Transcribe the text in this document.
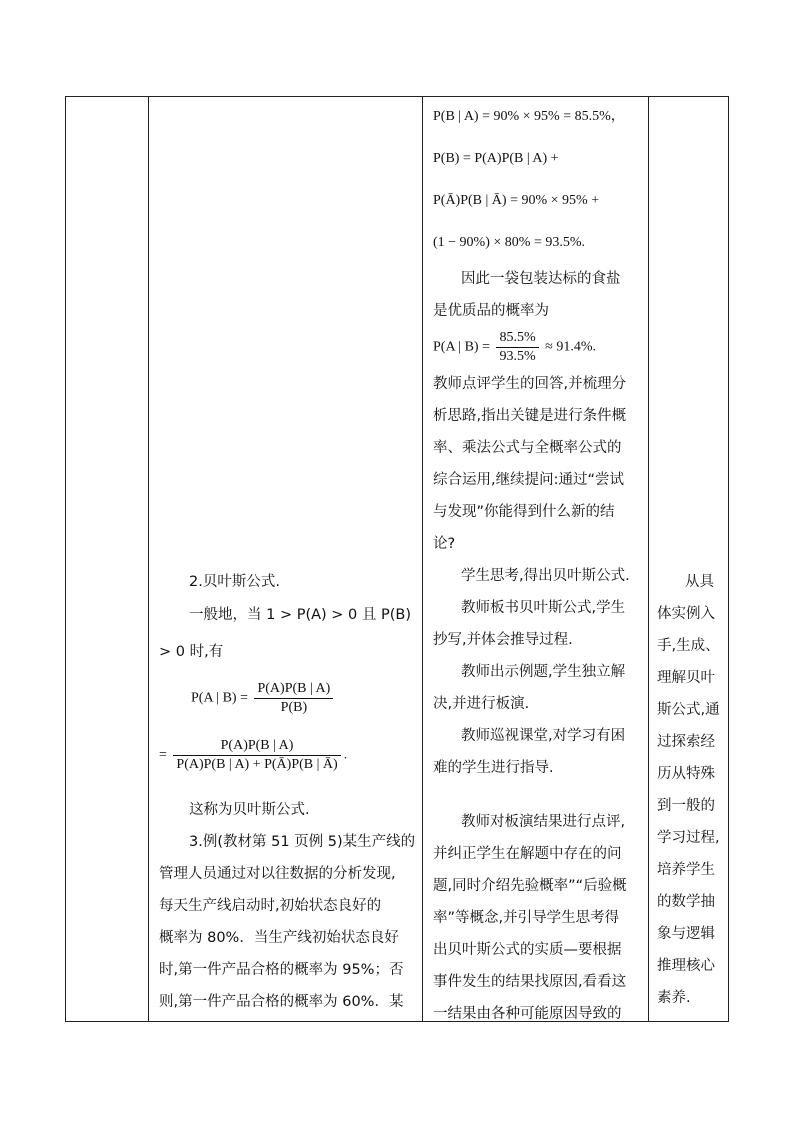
2.贝叶斯公式.
一般地，当 1 > P(A) > 0 且 P(B)
> 0 时,有
P(A | $B) = \frac{P(A)P(B | A)}{P(B)}$
= $\frac{P(A)P(B | A)}{P(A)P(B | A) + P(Ā)P(B | Ā)}$ .
这称为贝叶斯公式.
3.例(教材第 51 页例 5)某生产线的
管理人员通过对以往数据的分析发现,
每天生产线启动时,初始状态良好的
概率为 80%．当生产线初始状态良好
时,第一件产品合格的概率为 95%；否
则,第一件产品合格的概率为 60%．某
P(B | A) = 90% × 95% = 85.5%，
P(B) = P(A)P(B | A) +
P(Ā)P(B | Ā) = 90% × 95% +
(1 − 90%) × 80% = 93.5%.
因此一袋包装达标的食盐
是优质品的概率为
P(A | $B) = \frac{85.5\%}{93.5\%} \approx 91.4\%$.
教师点评学生的回答,并梳理分
析思路,指出关键是进行条件概
率、乘法公式与全概率公式的
综合运用,继续提问:通过“尝试
与发现”你能得到什么新的结
论?
学生思考,得出贝叶斯公式.
教师板书贝叶斯公式,学生
抄写,并体会推导过程.
教师出示例题,学生独立解
决,并进行板演.
教师巡视课堂,对学习有困
难的学生进行指导.
教师对板演结果进行点评,
并纠正学生在解题中存在的问
题,同时介绍先验概率”“后验概
率”等概念,并引导学生思考得
出贝叶斯公式的实质—要根据
事件发生的结果找原因,看看这
一结果由各种可能原因导致的
从具
体实例入
手,生成、
理解贝叶
斯公式,通
过探索经
历从特殊
到一般的
学习过程,
培养学生
的数学抽
象与逻辑
推理核心
素养.
